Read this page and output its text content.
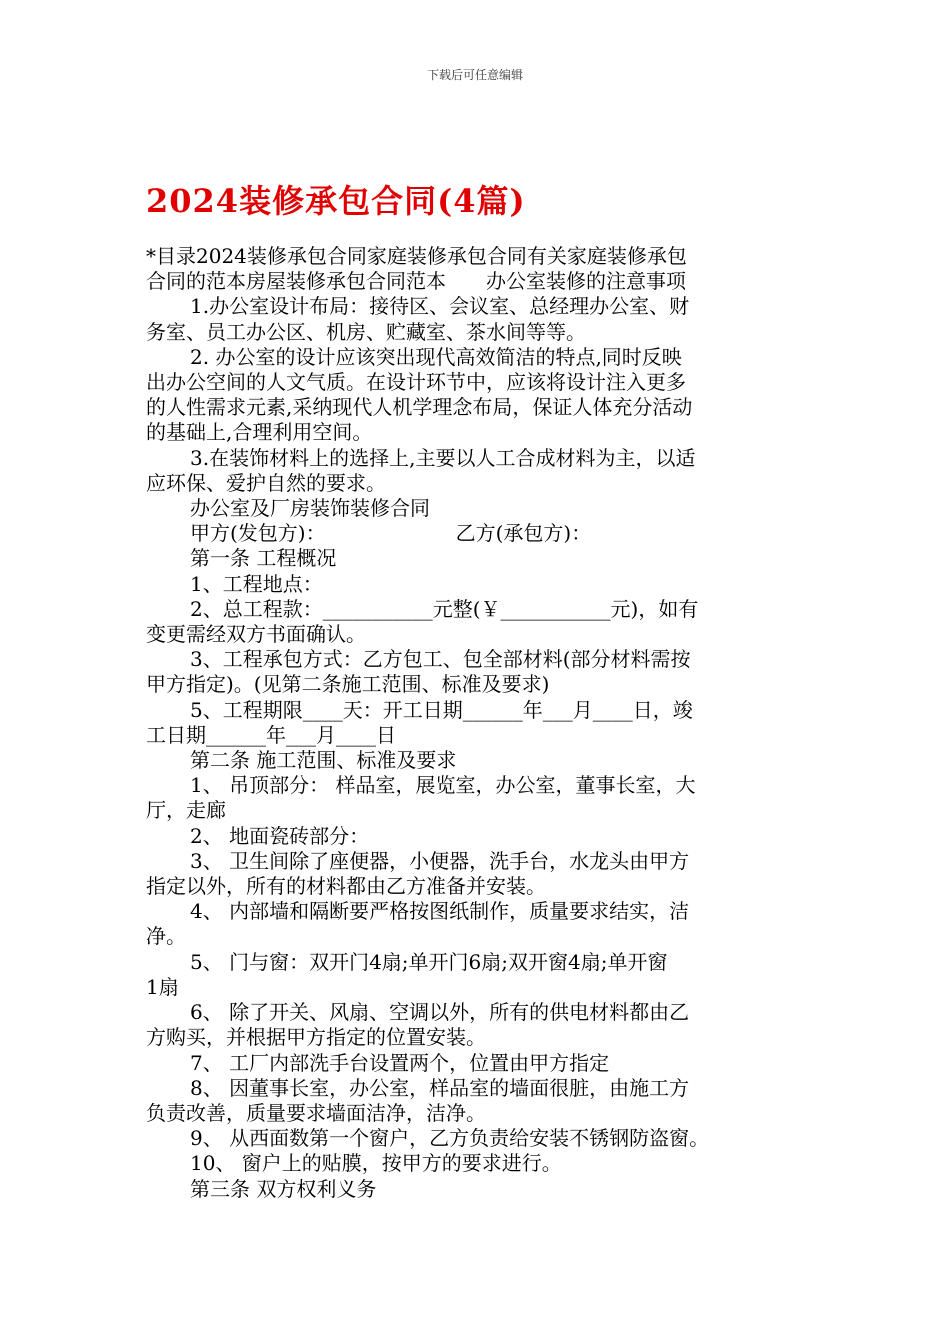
下载后可任意编辑
2024装修承包合同(4篇)

*目录2024装修承包合同家庭装修承包合同有关家庭装修承包

合同的范本房屋装修承包合同范本　　办公室装修的注意事项

1.办公室设计布局：接待区、会议室、总经理办公室、财

务室、员工办公区、机房、贮藏室、茶水间等等。

2. 办公室的设计应该突出现代高效简洁的特点,同时反映

出办公空间的人文气质。在设计环节中，应该将设计注入更多

的人性需求元素,采纳现代人机学理念布局，保证人体充分活动

的基础上,合理利用空间。

3.在装饰材料上的选择上,主要以人工合成材料为主，以适

应环保、爱护自然的要求。

办公室及厂房装饰装修合同

甲方(发包方)：　　　　　　　乙方(承包方)：

第一条 工程概况

1、工程地点：

2、总工程款：___________元整(￥___________元)，如有

变更需经双方书面确认。

3、工程承包方式：乙方包工、包全部材料(部分材料需按

甲方指定)。(见第二条施工范围、标准及要求)

5、工程期限____天：开工日期______年___月____日，竣

工日期______年___月____日

第二条 施工范围、标准及要求

1、 吊顶部分： 样品室，展览室，办公室，董事长室，大

厅，走廊

2、 地面瓷砖部分：

3、 卫生间除了座便器，小便器，洗手台，水龙头由甲方

指定以外，所有的材料都由乙方准备并安装。

4、 内部墙和隔断要严格按图纸制作，质量要求结实，洁

净。

5、 门与窗：双开门4扇;单开门6扇;双开窗4扇;单开窗

1扇

6、 除了开关、风扇、空调以外，所有的供电材料都由乙

方购买，并根据甲方指定的位置安装。

7、 工厂内部洗手台设置两个，位置由甲方指定

8、 因董事长室，办公室，样品室的墙面很脏，由施工方

负责改善，质量要求墙面洁净，洁净。

9、 从西面数第一个窗户，乙方负责给安装不锈钢防盗窗。

10、 窗户上的贴膜，按甲方的要求进行。

第三条 双方权利义务
